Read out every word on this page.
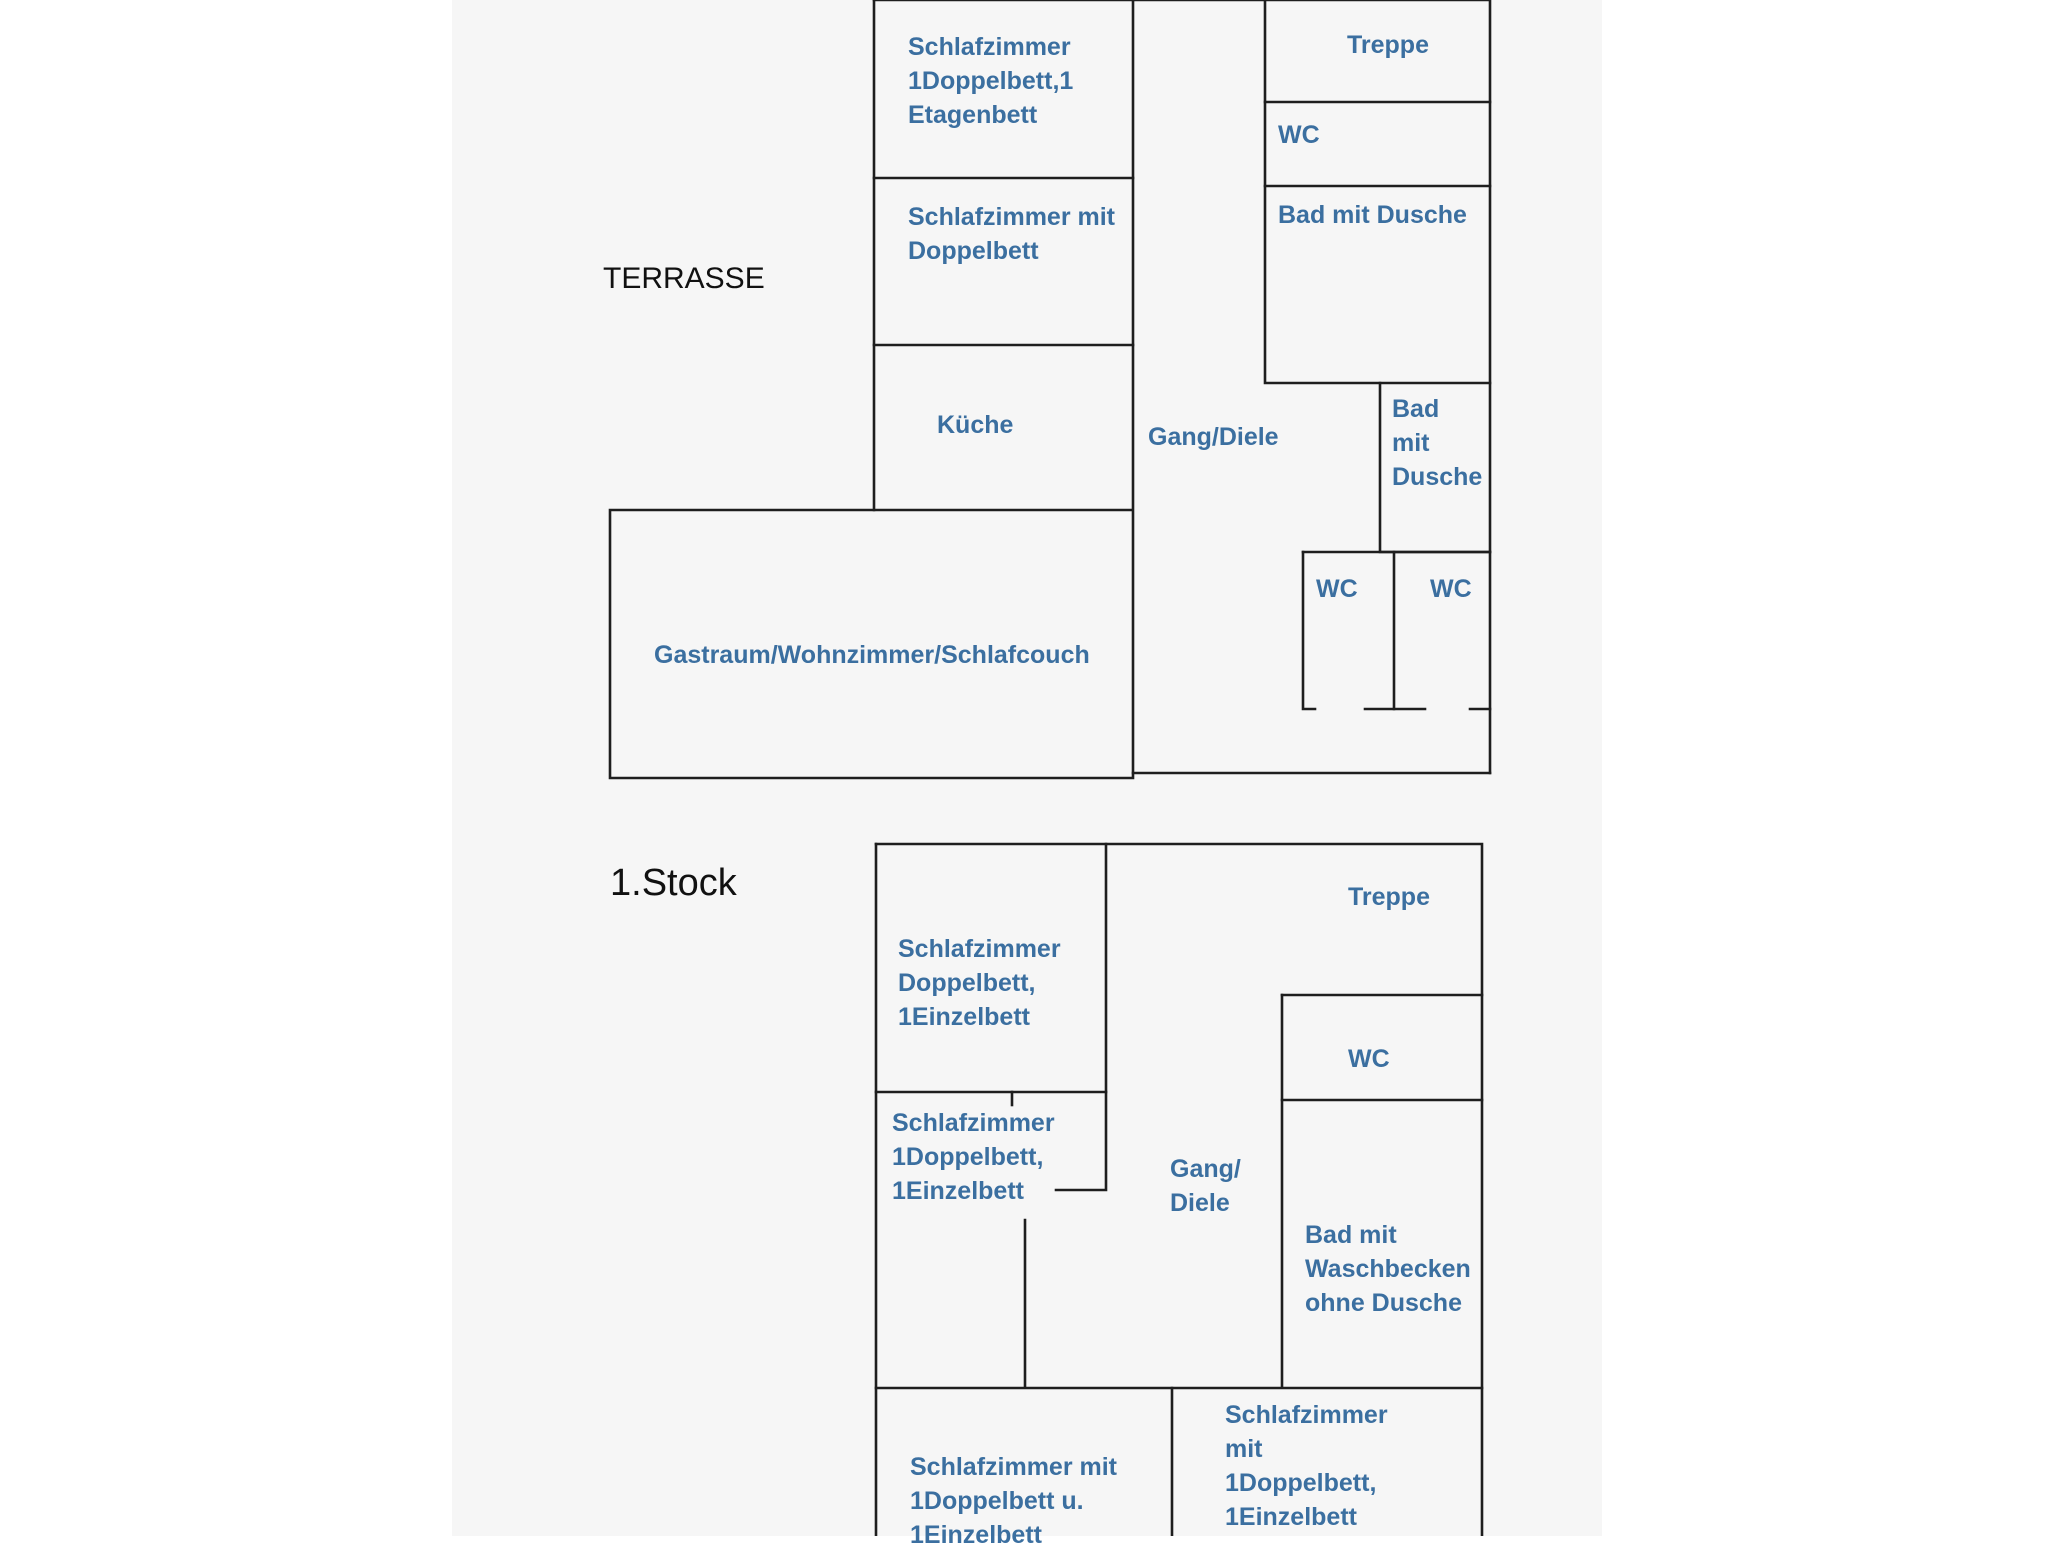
TERRASSE
Schlafzimmer
1Doppelbett,1
Etagenbett
Schlafzimmer mit
Doppelbett
Küche
Gastraum/Wohnzimmer/Schlafcouch
Gang/Diele
Treppe
WC
Bad mit Dusche
Bad
mit
Dusche
WC	WC
1.Stock	Treppe
Schlafzimmer
Doppelbett,
1Einzelbett
Schlafzimmer
1Doppelbett,
1Einzelbett
Gang/
Diele
WC
Bad mit
Waschbecken
ohne Dusche
Schlafzimmer mit
1Doppelbett u.
1Einzelbett
Schlafzimmer
mit
1Doppelbett,
1Einzelbett
